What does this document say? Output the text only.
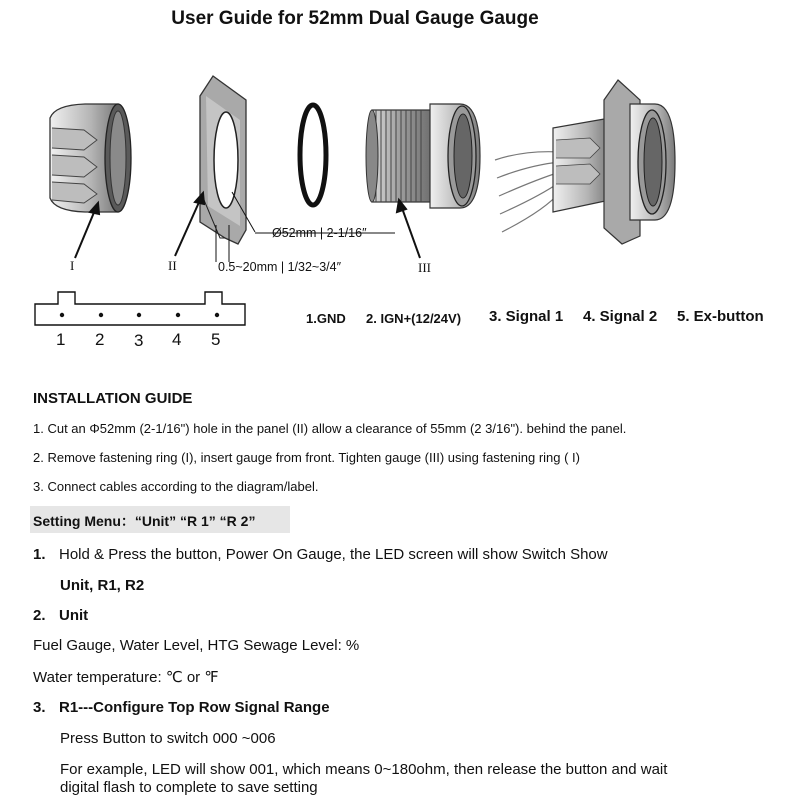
User Guide for 52mm Dual Gauge Gauge
I	II	III
Ø52mm | 2-1/16″
0.5~20mm | 1/32~3/4″
1 2 3 4 5
1.GND 2. IGN+(12/24V) 3. Signal 1 4. Signal 2 5. Ex-button
INSTALLATION GUIDE
1. Cut an Φ52mm (2-1/16") hole in the panel (II) allow a clearance of 55mm (2 3/16"). behind the panel.
2. Remove fastening ring (I), insert gauge from front. Tighten gauge (III) using fastening ring ( I)
3. Connect cables according to the diagram/label.
Setting Menu：“Unit” “R 1” “R 2”
1. Hold & Press the button, Power On Gauge, the LED screen will show Switch Show
Unit, R1, R2
2. Unit
Fuel Gauge, Water Level, HTG Sewage Level: %
Water temperature: ℃ or ℉
3. R1---Configure Top Row Signal Range
Press Button to switch 000 ~006
For example, LED will show 001, which means 0~180ohm, then release the button and wait
digital flash to complete to save setting
